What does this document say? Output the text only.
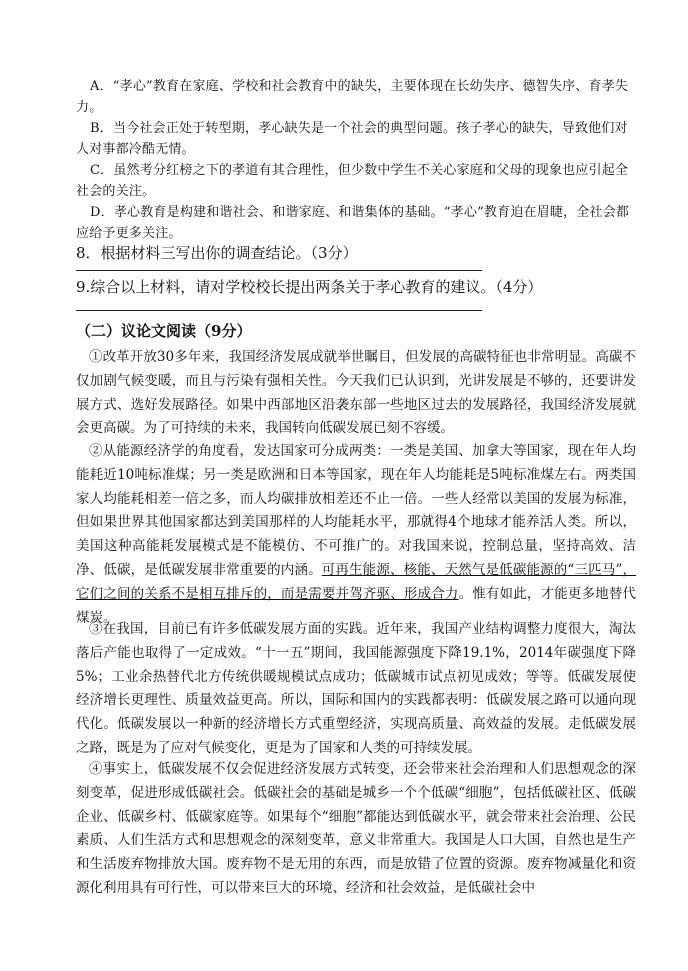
A．“孝心”教育在家庭、学校和社会教育中的缺失，主要体现在长幼失序、德智失序、育孝失力。

B．当今社会正处于转型期，孝心缺失是一个社会的典型问题。孩子孝心的缺失，导致他们对人对事都冷酷无情。

C．虽然考分红榜之下的孝道有其合理性，但少数中学生不关心家庭和父母的现象也应引起全社会的关注。

D．孝心教育是构建和谐社会、和谐家庭、和谐集体的基础。“孝心”教育迫在眉睫，全社会都应给予更多关注。

8．根据材料三写出你的调查结论。（3分）

9.综合以上材料，请对学校校长提出两条关于孝心教育的建议。（4分）

（二）议论文阅读（9分）

①改革开放30多年来，我国经济发展成就举世瞩目，但发展的高碳特征也非常明显。高碳不仅加剧气候变暖，而且与污染有强相关性。今天我们已认识到，光讲发展是不够的，还要讲发展方式、选好发展路径。如果中西部地区沿袭东部一些地区过去的发展路径，我国经济发展就会更高碳。为了可持续的未来，我国转向低碳发展已刻不容缓。

②从能源经济学的角度看，发达国家可分成两类：一类是美国、加拿大等国家，现在年人均能耗近10吨标准煤；另一类是欧洲和日本等国家，现在年人均能耗是5吨标准煤左右。两类国家人均能耗相差一倍之多，而人均碳排放相差还不止一倍。一些人经常以美国的发展为标准，但如果世界其他国家都达到美国那样的人均能耗水平，那就得4个地球才能养活人类。所以，美国这种高能耗发展模式是不能模仿、不可推广的。对我国来说，控制总量，坚持高效、洁净、低碳，是低碳发展非常重要的内涵。可再生能源、核能、天然气是低碳能源的“三匹马”，它们之间的关系不是相互排斥的，而是需要并驾齐驱、形成合力。惟有如此，才能更多地替代煤炭。

③在我国，目前已有许多低碳发展方面的实践。近年来，我国产业结构调整力度很大，淘汰落后产能也取得了一定成效。“十一五”期间，我国能源强度下降19.1%，2014年碳强度下降5%；工业余热替代北方传统供暖规模试点成功；低碳城市试点初见成效；等等。低碳发展使经济增长更理性、质量效益更高。所以，国际和国内的实践都表明：低碳发展之路可以通向现代化。低碳发展以一种新的经济增长方式重塑经济，实现高质量、高效益的发展。走低碳发展之路，既是为了应对气候变化，更是为了国家和人类的可持续发展。

④事实上，低碳发展不仅会促进经济发展方式转变，还会带来社会治理和人们思想观念的深刻变革，促进形成低碳社会。低碳社会的基础是城乡一个个低碳“细胞”，包括低碳社区、低碳企业、低碳乡村、低碳家庭等。如果每个“细胞”都能达到低碳水平，就会带来社会治理、公民素质、人们生活方式和思想观念的深刻变革，意义非常重大。我国是人口大国，自然也是生产和生活废弃物排放大国。废弃物不是无用的东西，而是放错了位置的资源。废弃物减量化和资源化利用具有可行性，可以带来巨大的环境、经济和社会效益，是低碳社会中
